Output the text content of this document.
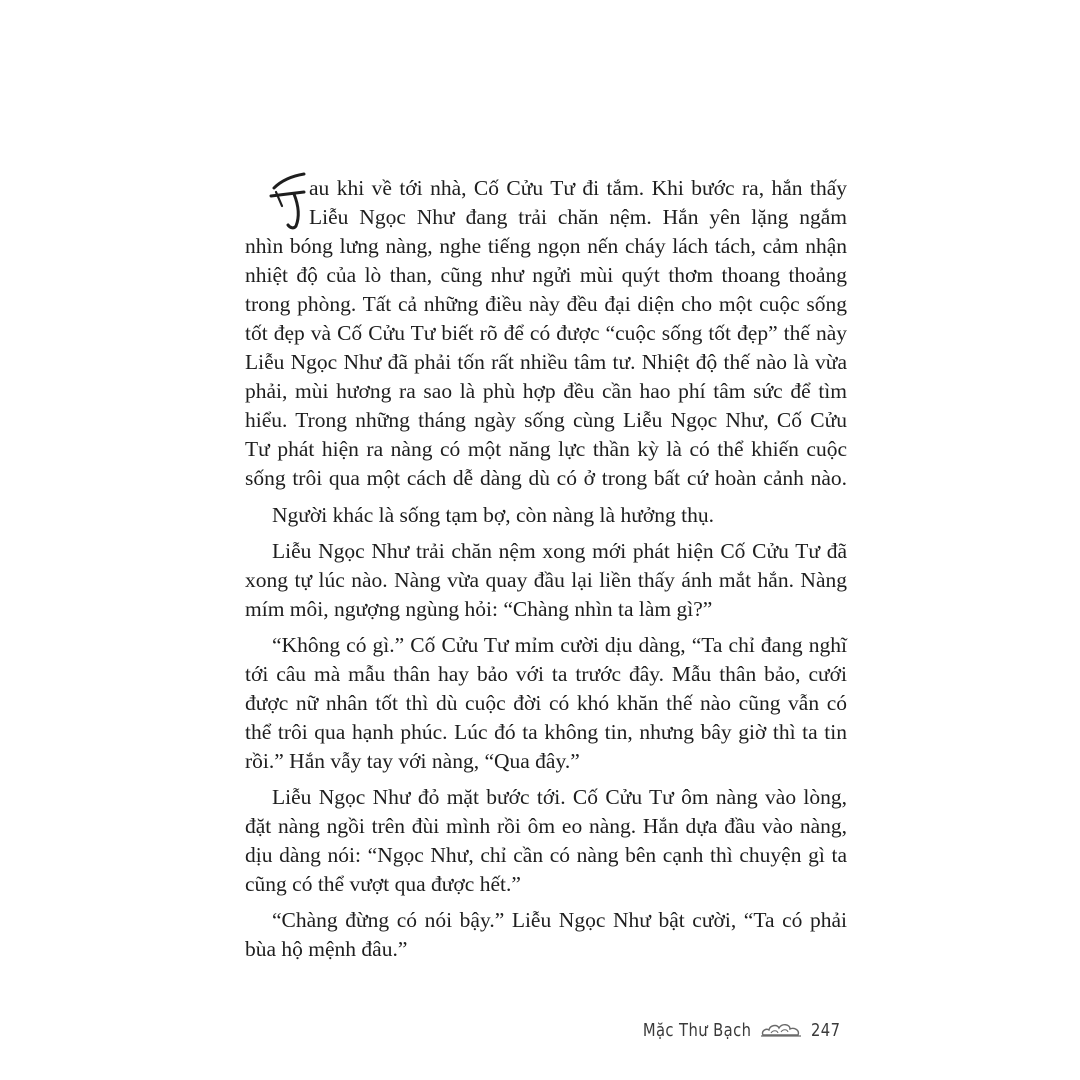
au khi về tới nhà, Cố Cửu Tư đi tắm. Khi bước ra, hắn thấy
Liễu Ngọc Như đang trải chăn nệm. Hắn yên lặng ngắm
nhìn bóng lưng nàng, nghe tiếng ngọn nến cháy lách tách, cảm nhận
nhiệt độ của lò than, cũng như ngửi mùi quýt thơm thoang thoảng
trong phòng. Tất cả những điều này đều đại diện cho một cuộc sống
tốt đẹp và Cố Cửu Tư biết rõ để có được “cuộc sống tốt đẹp” thế này
Liễu Ngọc Như đã phải tốn rất nhiều tâm tư. Nhiệt độ thế nào là vừa
phải, mùi hương ra sao là phù hợp đều cần hao phí tâm sức để tìm
hiểu. Trong những tháng ngày sống cùng Liễu Ngọc Như, Cố Cửu
Tư phát hiện ra nàng có một năng lực thần kỳ là có thể khiến cuộc
sống trôi qua một cách dễ dàng dù có ở trong bất cứ hoàn cảnh nào.
Người khác là sống tạm bợ, còn nàng là hưởng thụ.
Liễu Ngọc Như trải chăn nệm xong mới phát hiện Cố Cửu Tư đã
xong tự lúc nào. Nàng vừa quay đầu lại liền thấy ánh mắt hắn. Nàng
mím môi, ngượng ngùng hỏi: “Chàng nhìn ta làm gì?”
“Không có gì.” Cố Cửu Tư mỉm cười dịu dàng, “Ta chỉ đang nghĩ
tới câu mà mẫu thân hay bảo với ta trước đây. Mẫu thân bảo, cưới
được nữ nhân tốt thì dù cuộc đời có khó khăn thế nào cũng vẫn có
thể trôi qua hạnh phúc. Lúc đó ta không tin, nhưng bây giờ thì ta tin
rồi.” Hắn vẫy tay với nàng, “Qua đây.”
Liễu Ngọc Như đỏ mặt bước tới. Cố Cửu Tư ôm nàng vào lòng,
đặt nàng ngồi trên đùi mình rồi ôm eo nàng. Hắn dựa đầu vào nàng,
dịu dàng nói: “Ngọc Như, chỉ cần có nàng bên cạnh thì chuyện gì ta
cũng có thể vượt qua được hết.”
“Chàng đừng có nói bậy.” Liễu Ngọc Như bật cười, “Ta có phải
bùa hộ mệnh đâu.”
Mặc Thư Bạch	247
